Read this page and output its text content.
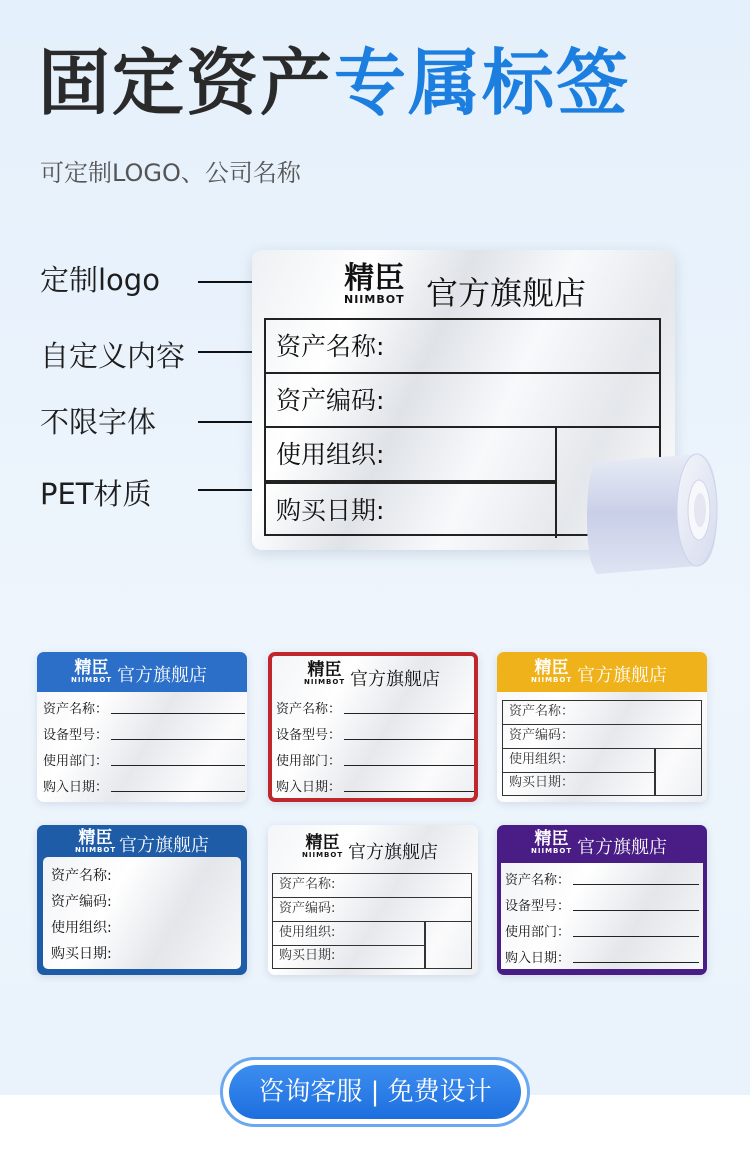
固定资产专属标签
可定制LOGO、公司名称
定制logo
自定义内容
不限字体
PET材质
精臣
NIIMBOT 官方旗舰店
资产名称:
资产编码:
使用组织:
购买日期:
精臣
NIIMBOT 官方旗舰店
资产名称：
设备型号：
使用部门：
购入日期：
精臣
NIIMBOT 官方旗舰店
资产名称：
设备型号：
使用部门：
购入日期：
精臣
NIIMBOT 官方旗舰店
资产名称：
资产编码：
使用组织：
购买日期：
精臣
NIIMBOT 官方旗舰店
资产名称:
资产编码:
使用组织:
购买日期:
精臣
NIIMBOT 官方旗舰店
资产名称:
资产编码:
使用组织:
购买日期:
精臣
NIIMBOT 官方旗舰店
资产名称：
设备型号：
使用部门：
购入日期：
咨询客服 | 免费设计
